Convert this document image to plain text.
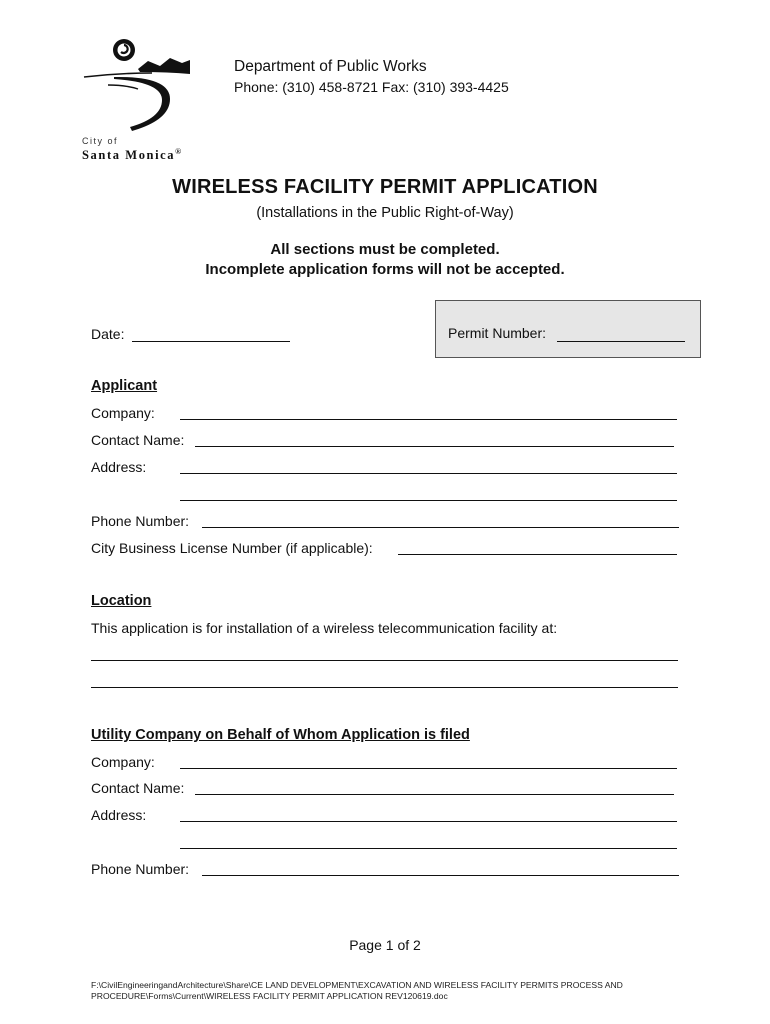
City of
Santa Monica®
Department of Public Works
Phone: (310) 458-8721 Fax: (310) 393-4425
WIRELESS FACILITY PERMIT APPLICATION
(Installations in the Public Right-of-Way)
All sections must be completed.
Incomplete application forms will not be accepted.
Date:	Permit Number:
Applicant
Company:
Contact Name:
Address:
Phone Number:
City Business License Number (if applicable):
Location
This application is for installation of a wireless telecommunication facility at:
Utility Company on Behalf of Whom Application is filed
Company:
Contact Name:
Address:
Phone Number:
Page 1 of 2
F:\CivilEngineeringandArchitecture\Share\CE LAND DEVELOPMENT\EXCAVATION AND WIRELESS FACILITY PERMITS PROCESS AND
PROCEDURE\Forms\Current\WIRELESS FACILITY PERMIT APPLICATION REV120619.doc
